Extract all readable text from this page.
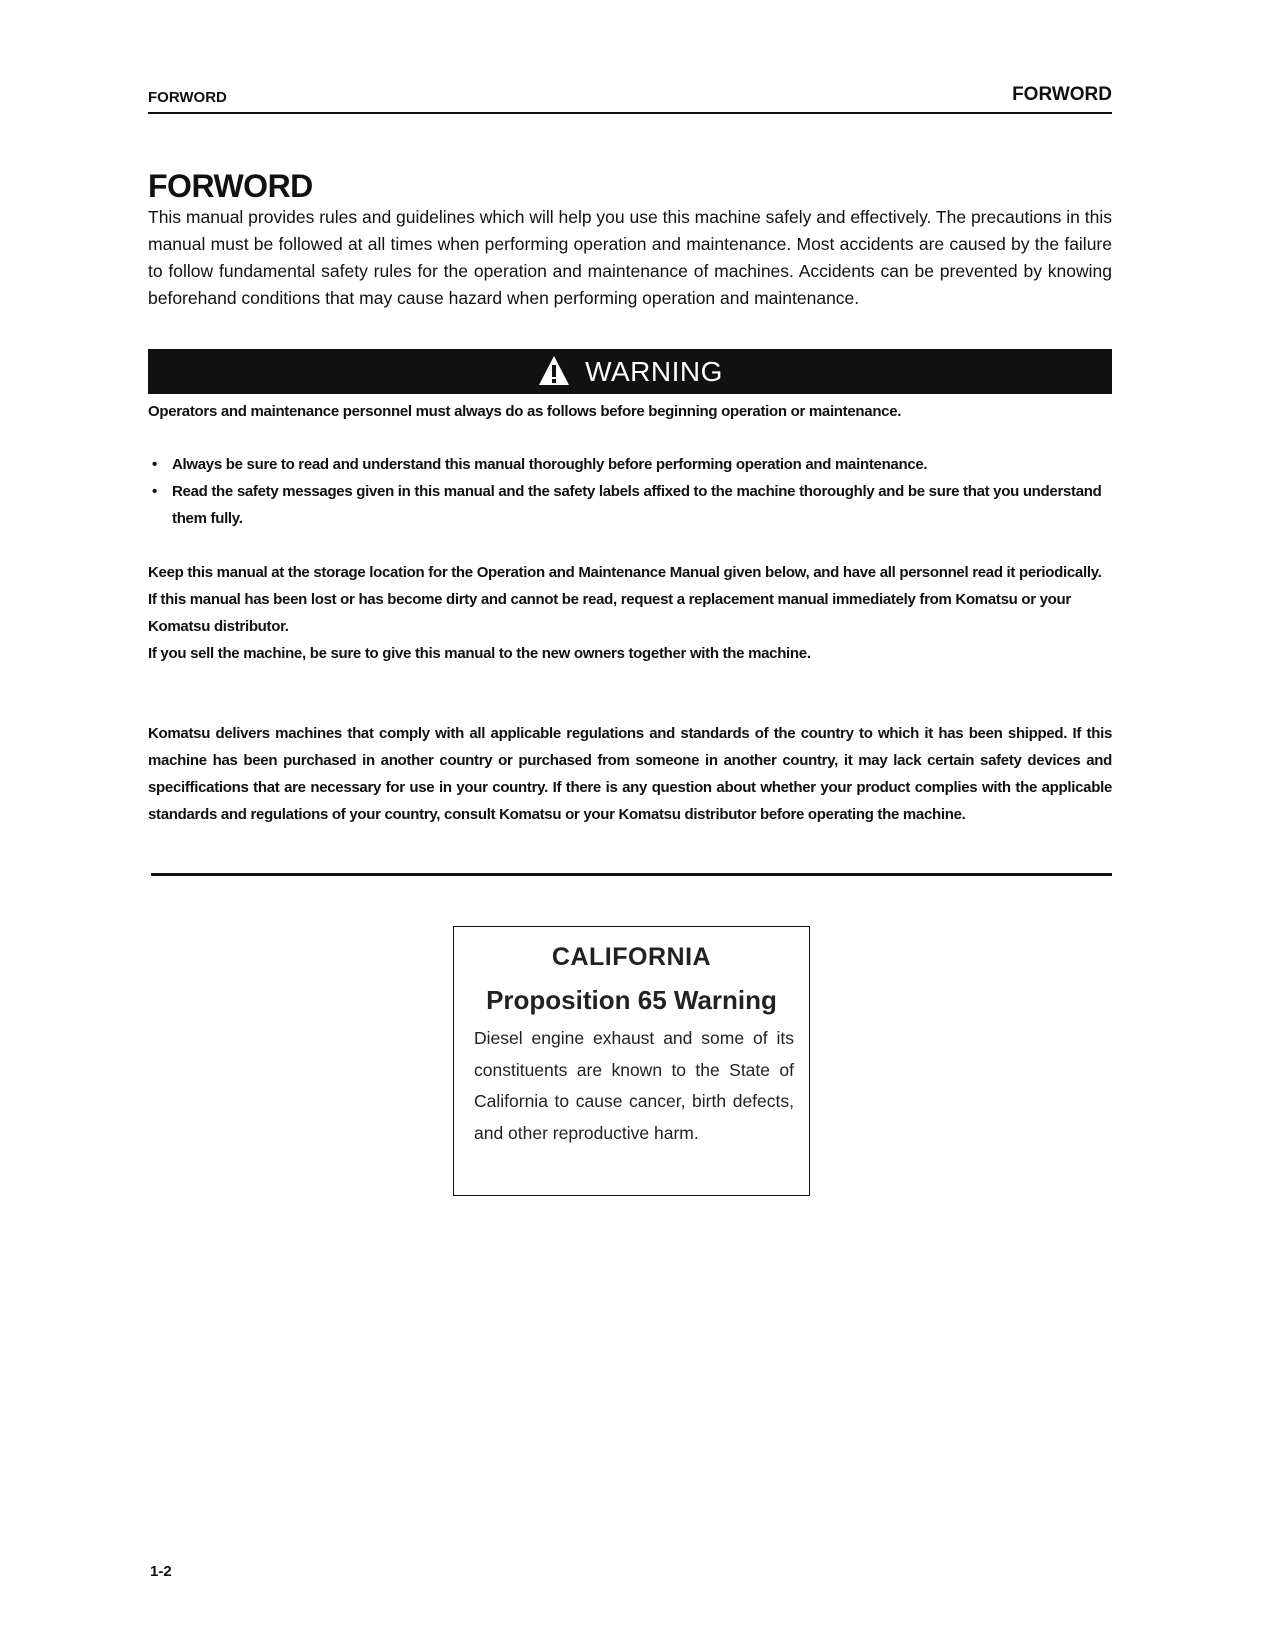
FORWORD	FORWORD
FORWORD
This manual provides rules and guidelines which will help you use this machine safely and effectively. The precautions in this manual must be followed at all times when performing operation and maintenance. Most accidents are caused by the failure to follow fundamental safety rules for the operation and maintenance of machines. Accidents can be prevented by knowing beforehand conditions that may cause hazard when performing operation and maintenance.
WARNING
Operators and maintenance personnel must always do as follows before beginning operation or maintenance.
• Always be sure to read and understand this manual thoroughly before performing operation and maintenance.
• Read the safety messages given in this manual and the safety labels affixed to the machine thoroughly and be sure that you understand them fully.
Keep this manual at the storage location for the Operation and Maintenance Manual given below, and have all personnel read it periodically.
If this manual has been lost or has become dirty and cannot be read, request a replacement manual immediately from Komatsu or your Komatsu distributor.
If you sell the machine, be sure to give this manual to the new owners together with the machine.
Komatsu delivers machines that comply with all applicable regulations and standards of the country to which it has been shipped. If this machine has been purchased in another country or purchased from someone in another country, it may lack certain safety devices and speciffications that are necessary for use in your country. If there is any question about whether your product complies with the applicable standards and regulations of your country, consult Komatsu or your Komatsu distributor before operating the machine.
CALIFORNIA
Proposition 65 Warning
Diesel engine exhaust and some of its constituents are known to the State of California to cause cancer, birth defects, and other reproductive harm.
1-2
